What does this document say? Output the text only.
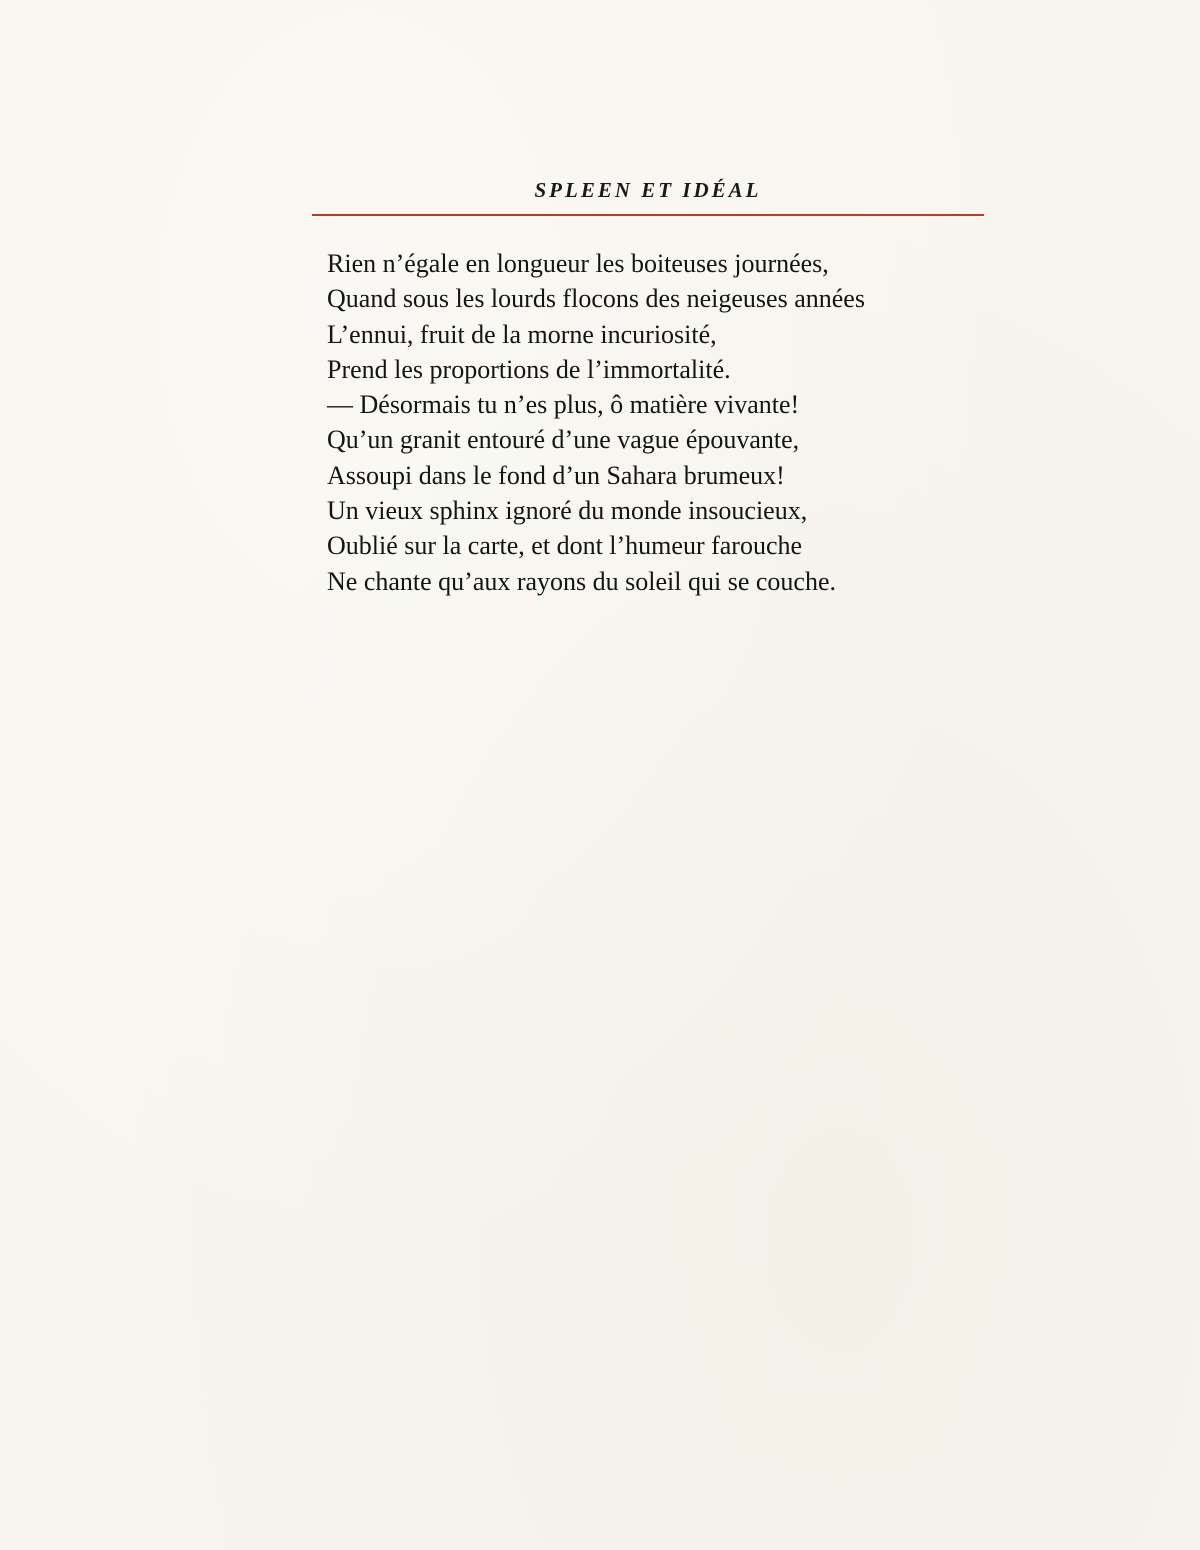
SPLEEN ET IDÉAL
Rien n’égale en longueur les boiteuses journées,
Quand sous les lourds flocons des neigeuses années
L’ennui, fruit de la morne incuriosité,
Prend les proportions de l’immortalité.
— Désormais tu n’es plus, ô matière vivante!
Qu’un granit entouré d’une vague épouvante,
Assoupi dans le fond d’un Sahara brumeux!
Un vieux sphinx ignoré du monde insoucieux,
Oublié sur la carte, et dont l’humeur farouche
Ne chante qu’aux rayons du soleil qui se couche.
